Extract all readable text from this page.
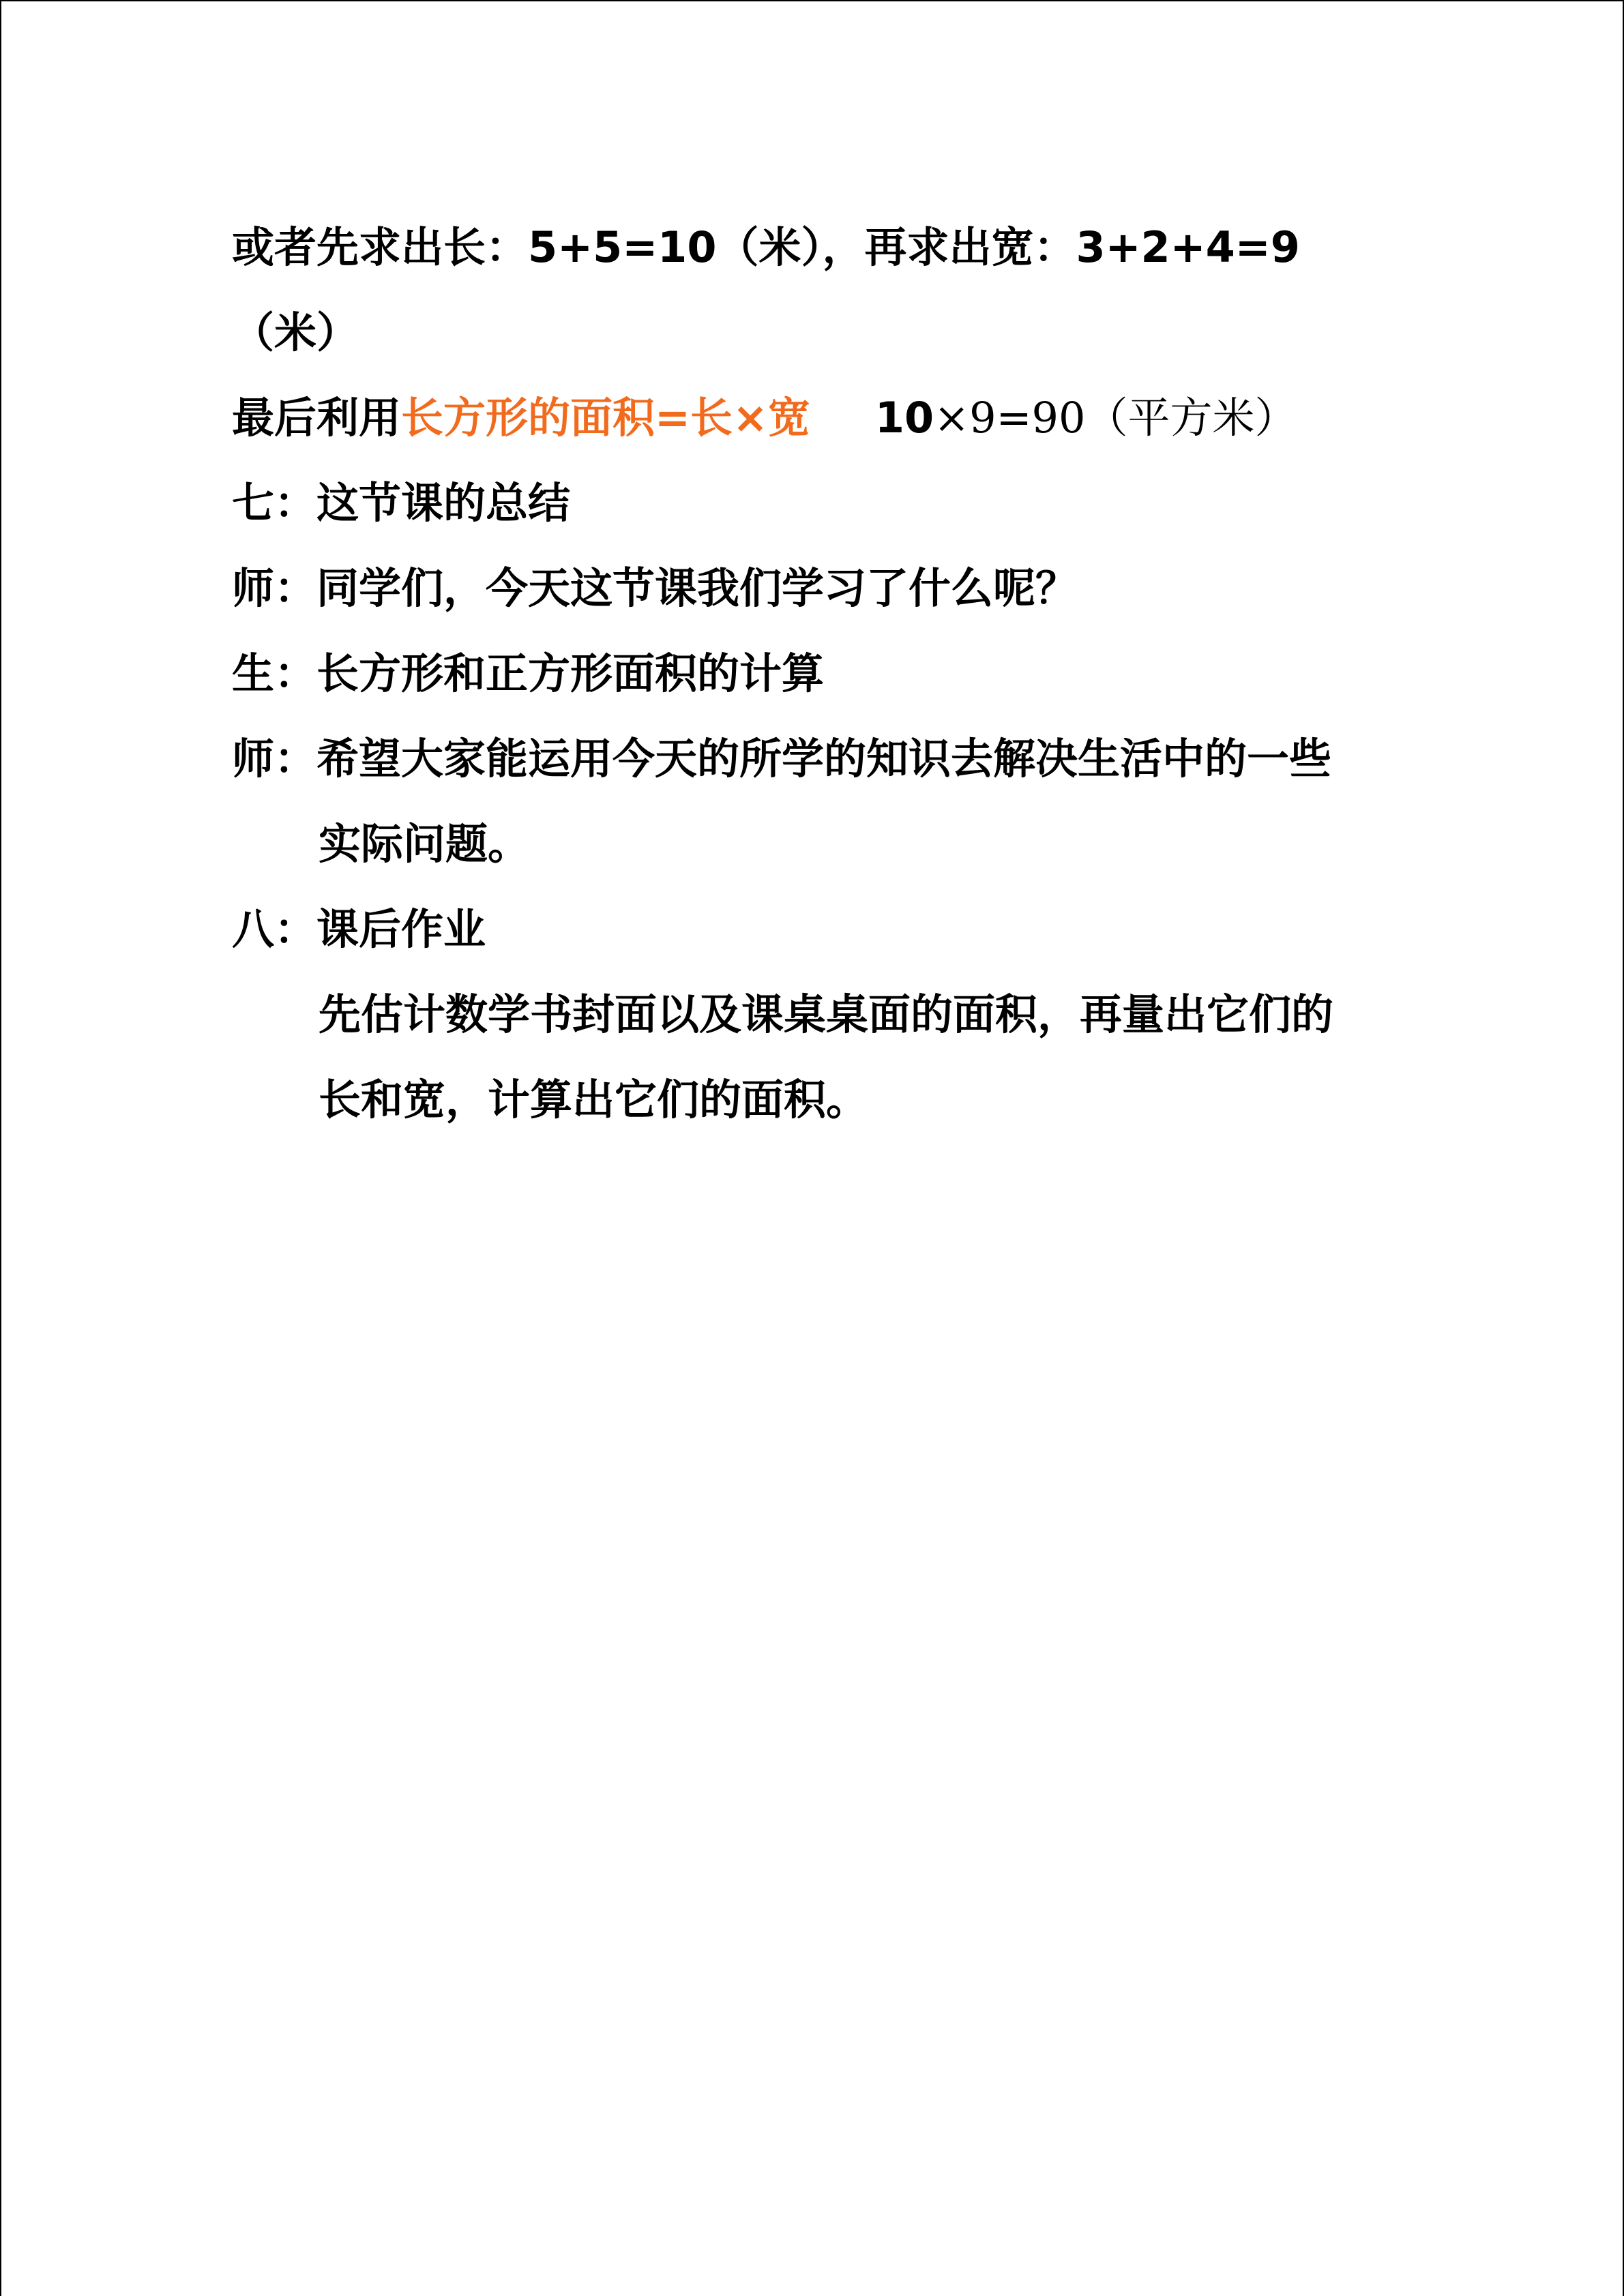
或者先求出长：5+5=10（米），再求出宽：3+2+4=9
（米）
最后利用长方形的面积=长×宽 10×9=90（平方米）
七：这节课的总结
师：同学们，今天这节课我们学习了什么呢？
生：长方形和正方形面积的计算
师：希望大家能运用今天的所学的知识去解决生活中的一些
实际问题。
八：课后作业
先估计数学书封面以及课桌桌面的面积，再量出它们的
长和宽，计算出它们的面积。
